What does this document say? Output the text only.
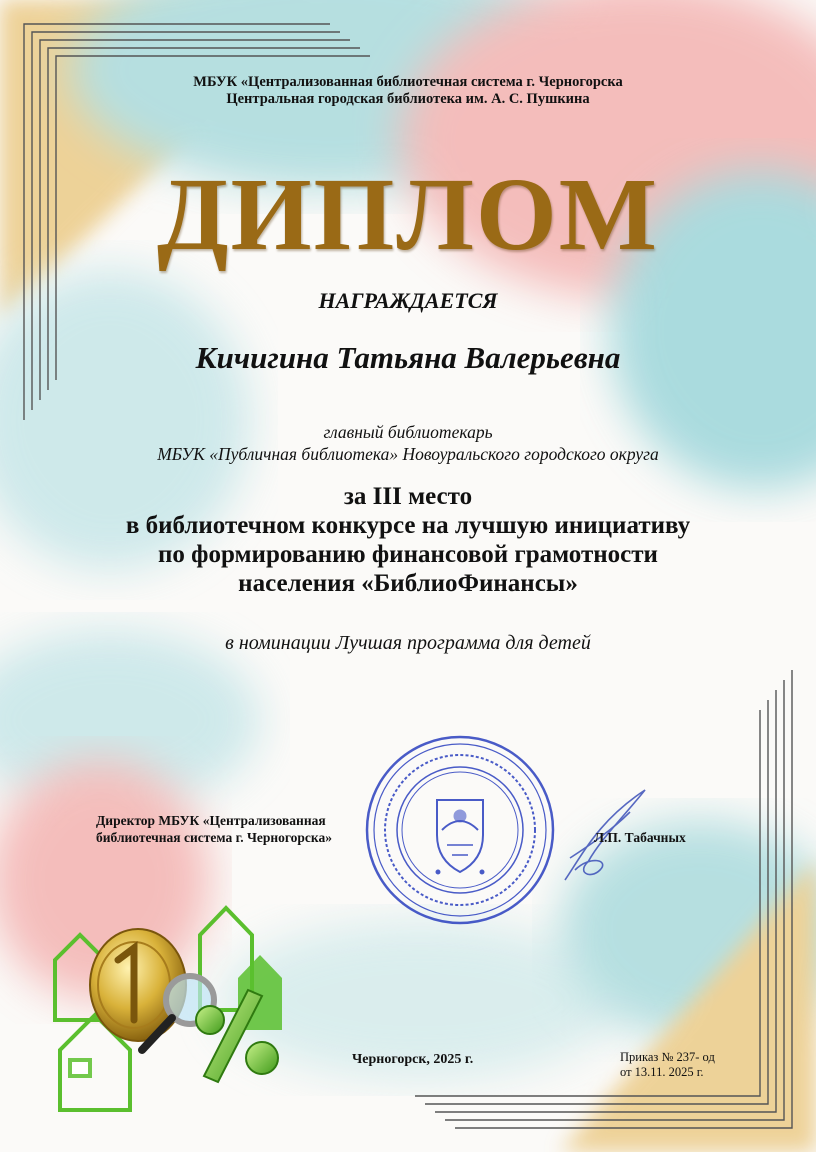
МБУК «Централизованная библиотечная система г. Черногорска
Центральная городская библиотека им. А. С. Пушкина
ДИПЛОМ
НАГРАЖДАЕТСЯ
Кичигина Татьяна Валерьевна
главный библиотекарь
МБУК «Публичная библиотека» Новоуральского городского округа
за III место
в библиотечном конкурсе на лучшую инициативу
по формированию финансовой грамотности
населения «БиблиоФинансы»
в номинации Лучшая программа для детей
Директор МБУК «Централизованная
библиотечная система г. Черногорска»	Л.П. Табачных
Черногорск, 2025 г.	Приказ № 237- од
от 13.11. 2025 г.
